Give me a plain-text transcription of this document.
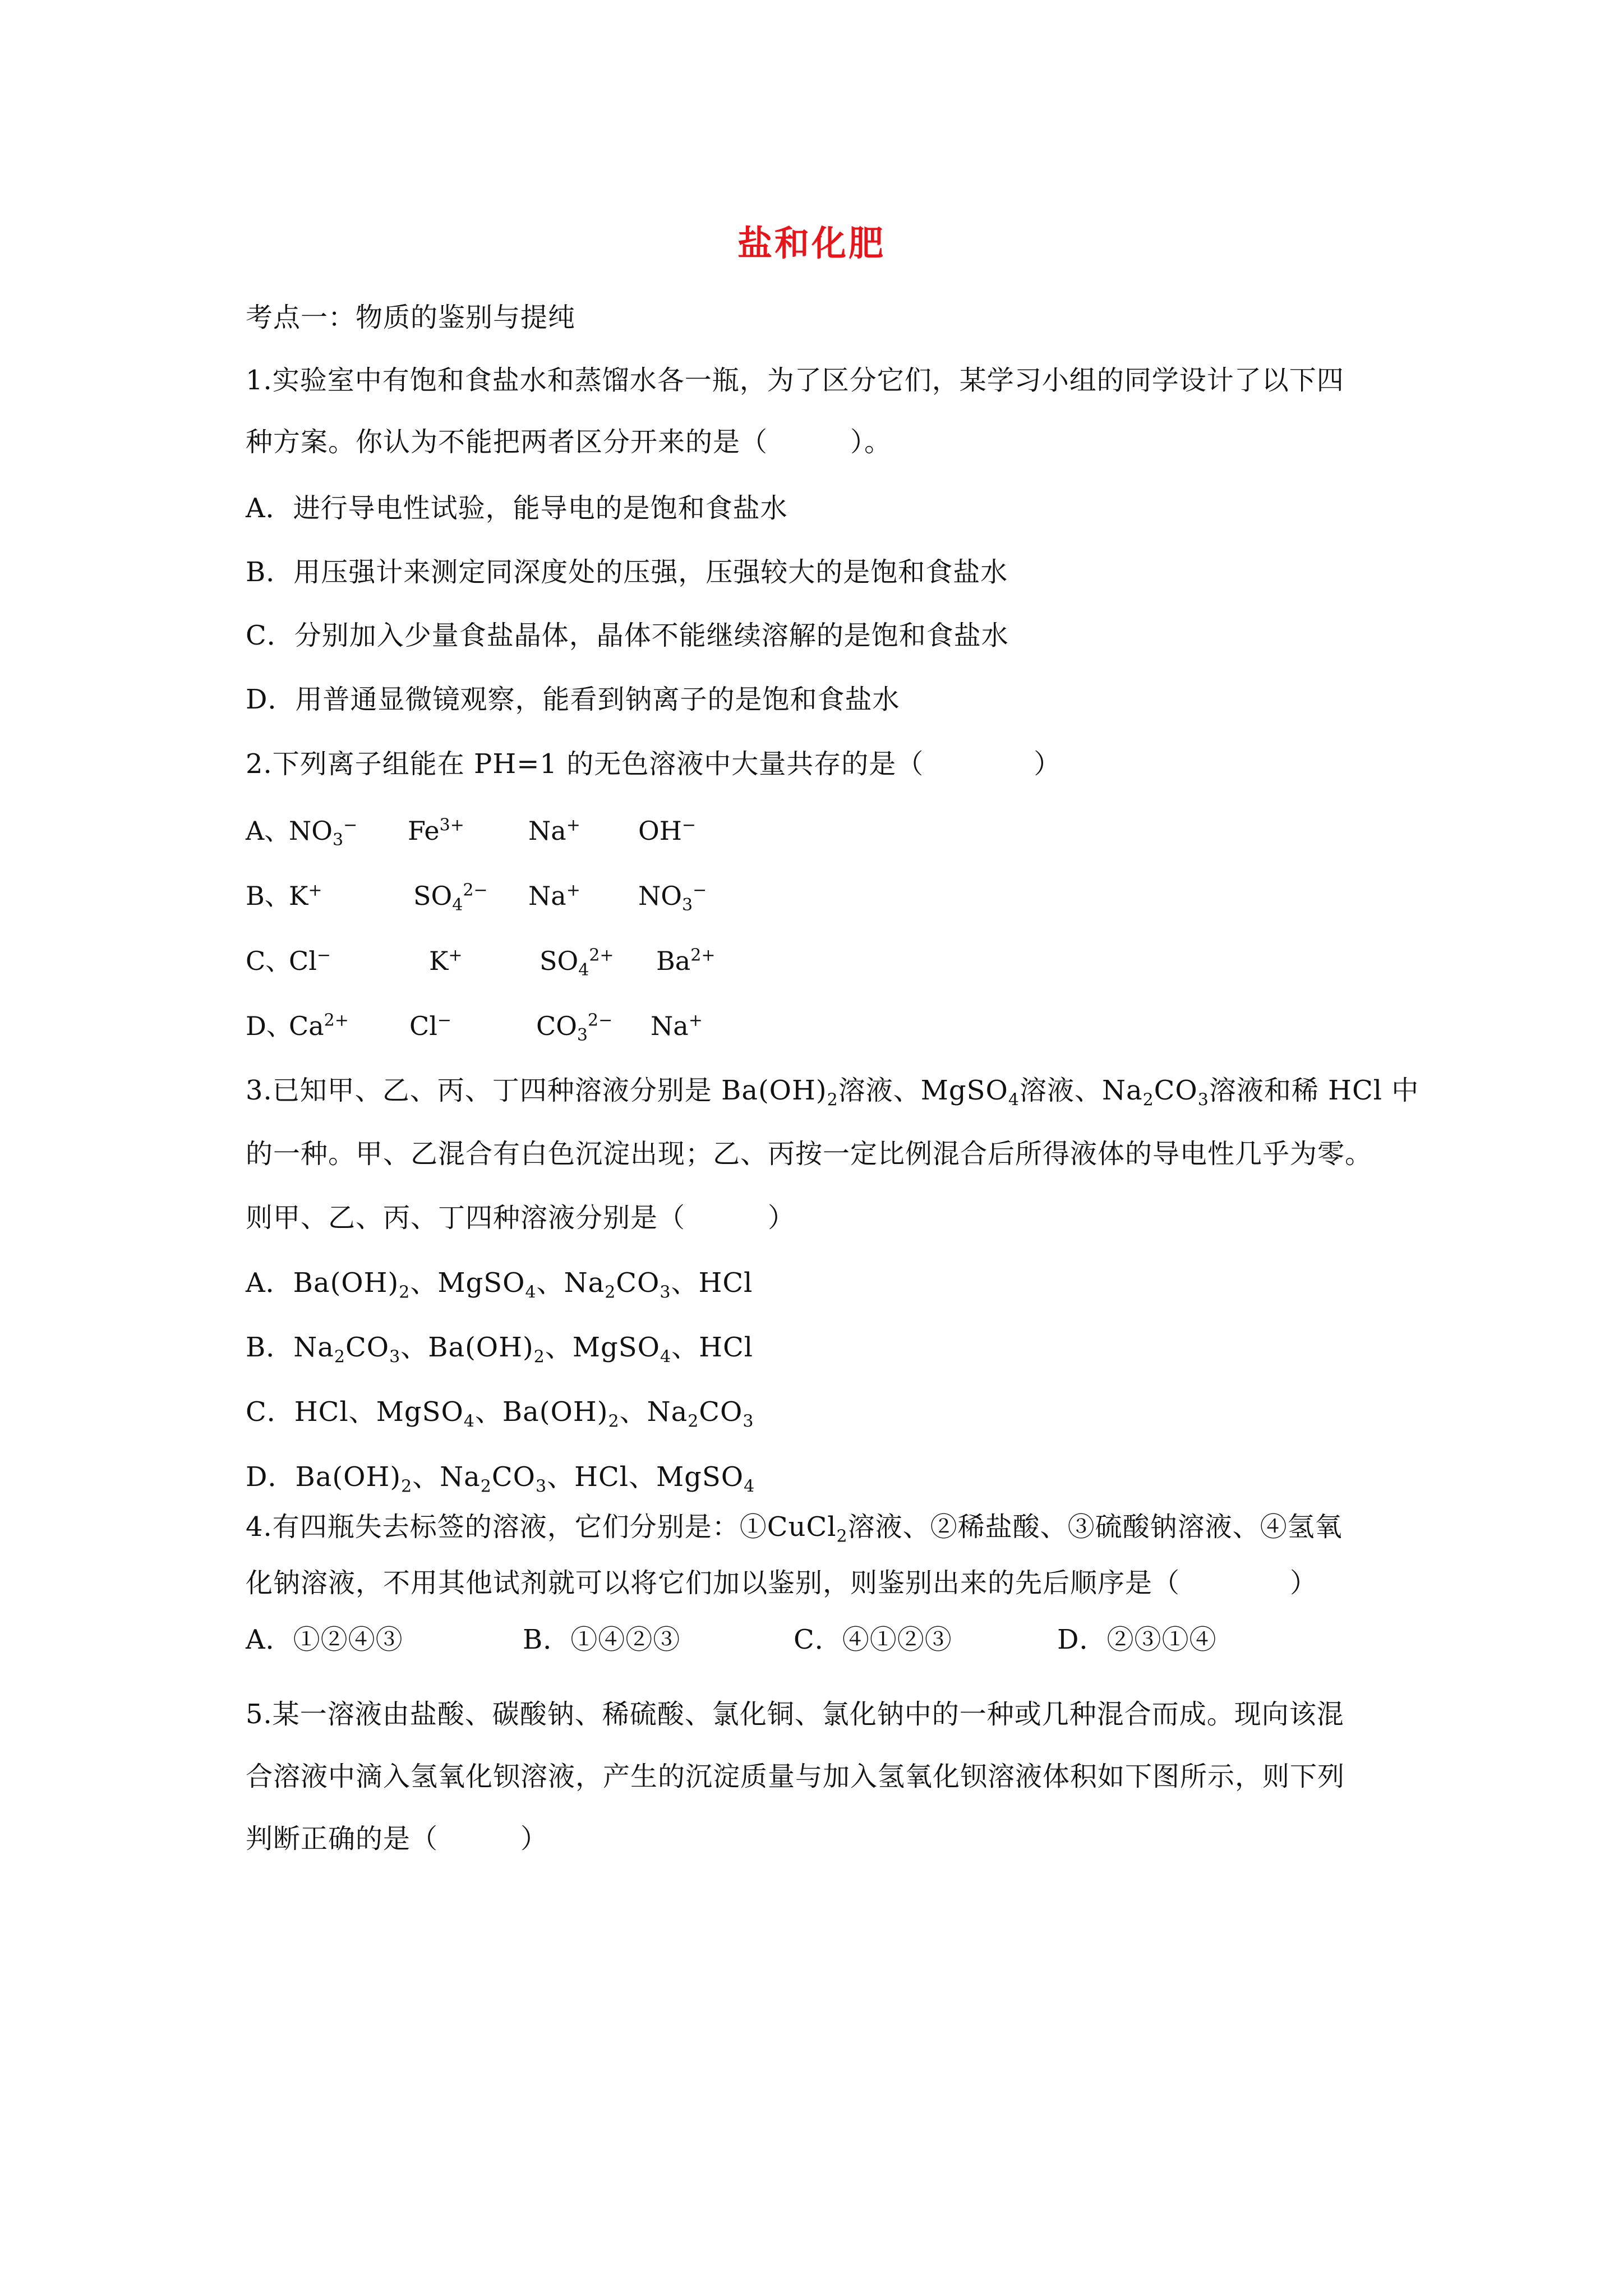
盐和化肥
考点一：物质的鉴别与提纯
1.实验室中有饱和食盐水和蒸馏水各一瓶，为了区分它们，某学习小组的同学设计了以下四
种方案。你认为不能把两者区分开来的是（　　　）。
A．进行导电性试验，能导电的是饱和食盐水
B．用压强计来测定同深度处的压强，压强较大的是饱和食盐水
C．分别加入少量食盐晶体，晶体不能继续溶解的是饱和食盐水
D．用普通显微镜观察，能看到钠离子的是饱和食盐水
2.下列离子组能在 PH=1 的无色溶液中大量共存的是（　　　　）
A、
$NO_3^-$ $Fe^{3+}$ Na+ OH−
B、
K+	$SO_4^{2-}$ Na+ $NO_3^-$
C、
Cl−	K+	$SO_4^{2+}$ $Ba^{2+}$
D、
$Ca^{2+}$ Cl−	$CO_3^{2-}$ Na+
3.已知甲、乙、丙、丁四种溶液分别是 $Ba(OH)_2$溶液、MgSO$_4$溶液、$Na_2CO_3$溶液和稀 HCl 中
的一种。甲、乙混合有白色沉淀出现；乙、丙按一定比例混合后所得液体的导电性几乎为零。
则甲、乙、丙、丁四种溶液分别是（　　　）
A．$Ba(OH)_2$、MgSO$_4$、$Na_2CO_3$、HCl
B．$Na_2CO_3$、$Ba(OH)_2$、MgSO$_4$、HCl
C．HCl、MgSO$_4$、$Ba(OH)_2$、$Na_2CO_3$
D．$Ba(OH)_2$、$Na_2CO_3$、HCl、MgSO$_4$
4.有四瓶失去标签的溶液，它们分别是：①CuCl$_2$溶液、②稀盐酸、③硫酸钠溶液、④氢氧
化钠溶液，不用其他试剂就可以将它们加以鉴别，则鉴别出来的先后顺序是（　　　　）
A．①②④③	B．①④②③	C．④①②③	D．②③①④
5.某一溶液由盐酸、碳酸钠、稀硫酸、氯化铜、氯化钠中的一种或几种混合而成。现向该混
合溶液中滴入氢氧化钡溶液，产生的沉淀质量与加入氢氧化钡溶液体积如下图所示，则下列
判断正确的是（　　　）
